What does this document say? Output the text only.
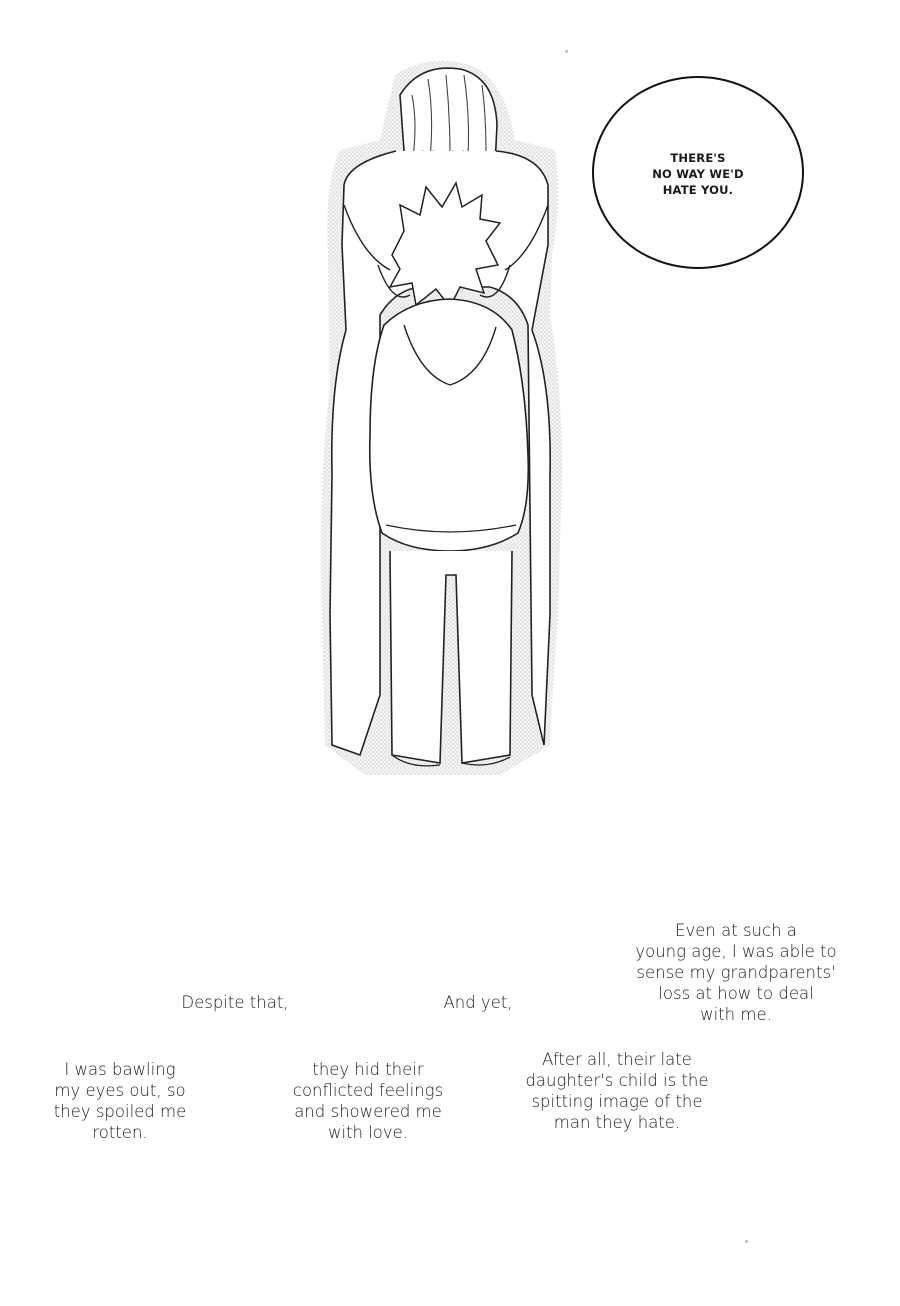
THERE'S
NO WAY WE'D
HATE YOU.
Despite that,	And yet,
Even at such a
young age, I was able to
sense my grandparents'
loss at how to deal
with me.
I was bawling
my eyes out, so
they spoiled me
rotten.
they hid their
conflicted feelings
and showered me
with love.
After all, their late
daughter's child is the
spitting image of the
man they hate.
